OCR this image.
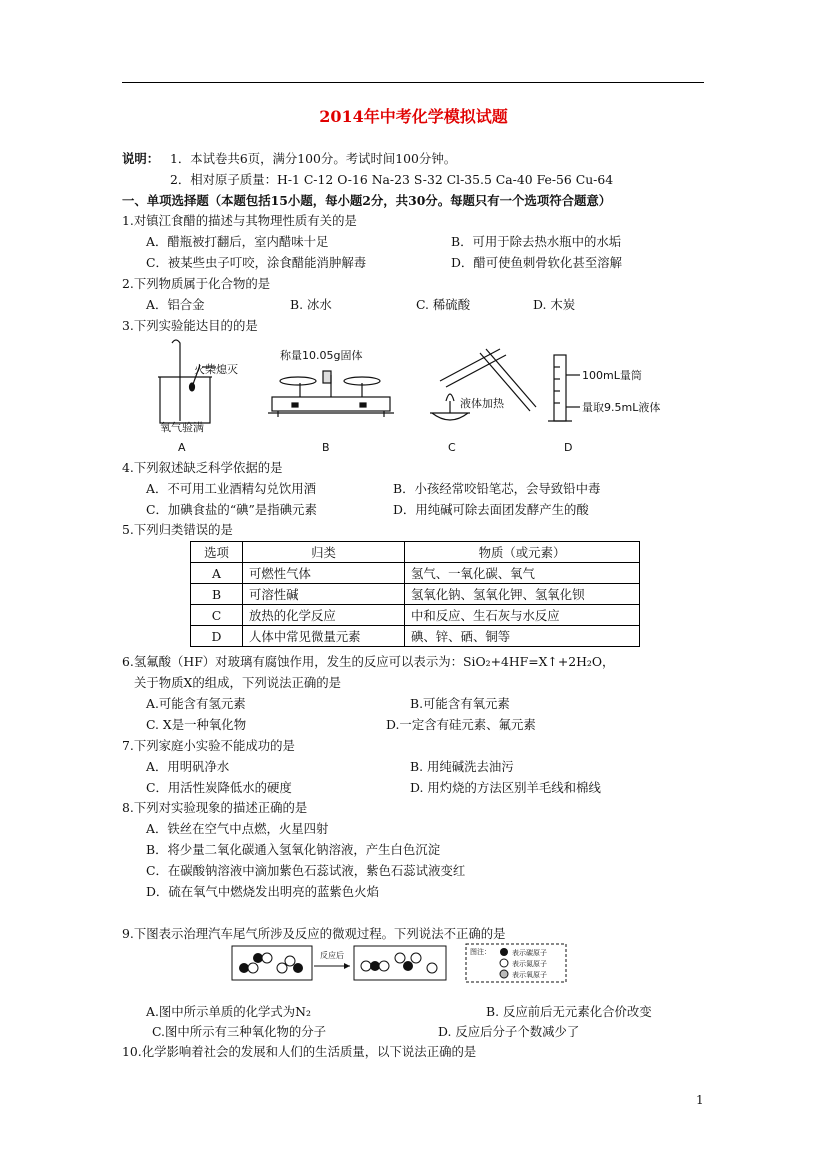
2014年中考化学模拟试题
说明： 1．本试卷共6页，满分100分。考试时间100分钟。
2．相对原子质量：H-1 C-12 O-16 Na-23 S-32 Cl-35.5 Ca-40 Fe-56 Cu-64
一、单项选择题（本题包括15小题，每小题2分，共30分。每题只有一个选项符合题意）
1.对镇江食醋的描述与其物理性质有关的是
A．醋瓶被打翻后，室内醋味十足	B．可用于除去热水瓶中的水垢
C．被某些虫子叮咬，涂食醋能消肿解毒	D．醋可使鱼刺骨软化甚至溶解
2.下列物质属于化合物的是
A．铝合金	B. 冰水	C. 稀硫酸	D. 木炭
3.下列实验能达目的的是
火柴熄灭
氧气验满
A
称量10.05g固体
B
液体加热
C
100mL量筒
量取9.5mL液体
D
4.下列叙述缺乏科学依据的是
A．不可用工业酒精勾兑饮用酒	B．小孩经常咬铅笔芯，会导致铅中毒
C．加碘食盐的“碘”是指碘元素	D．用纯碱可除去面团发酵产生的酸
5.下列归类错误的是
选项	归类	物质（或元素）
A	可燃性气体	氢气、一氧化碳、氧气
B	可溶性碱	氢氧化钠、氢氧化钾、氢氧化钡
C	放热的化学反应	中和反应、生石灰与水反应
D	人体中常见微量元素	碘、锌、硒、铜等
6.氢氟酸（HF）对玻璃有腐蚀作用，发生的反应可以表示为：SiO₂+4HF=X↑+2H₂O，
关于物质X的组成，下列说法正确的是
A.可能含有氢元素	B.可能含有氧元素
C. X是一种氧化物	D.一定含有硅元素、氟元素
7.下列家庭小实验不能成功的是
A．用明矾净水	B. 用纯碱洗去油污
C．用活性炭降低水的硬度	D. 用灼烧的方法区别羊毛线和棉线
8.下列对实验现象的描述正确的是
A．铁丝在空气中点燃，火星四射
B．将少量二氧化碳通入氢氧化钠溶液，产生白色沉淀
C．在碳酸钠溶液中滴加紫色石蕊试液，紫色石蕊试液变红
D．硫在氧气中燃烧发出明亮的蓝紫色火焰
9.下图表示治理汽车尾气所涉及反应的微观过程。下列说法不正确的是
反应后	图注：	表示碳原子
表示氮原子
表示氧原子
A.图中所示单质的化学式为N₂	B. 反应前后无元素化合价改变
C.图中所示有三种氧化物的分子	D. 反应后分子个数减少了
10.化学影响着社会的发展和人们的生活质量，以下说法正确的是
1
